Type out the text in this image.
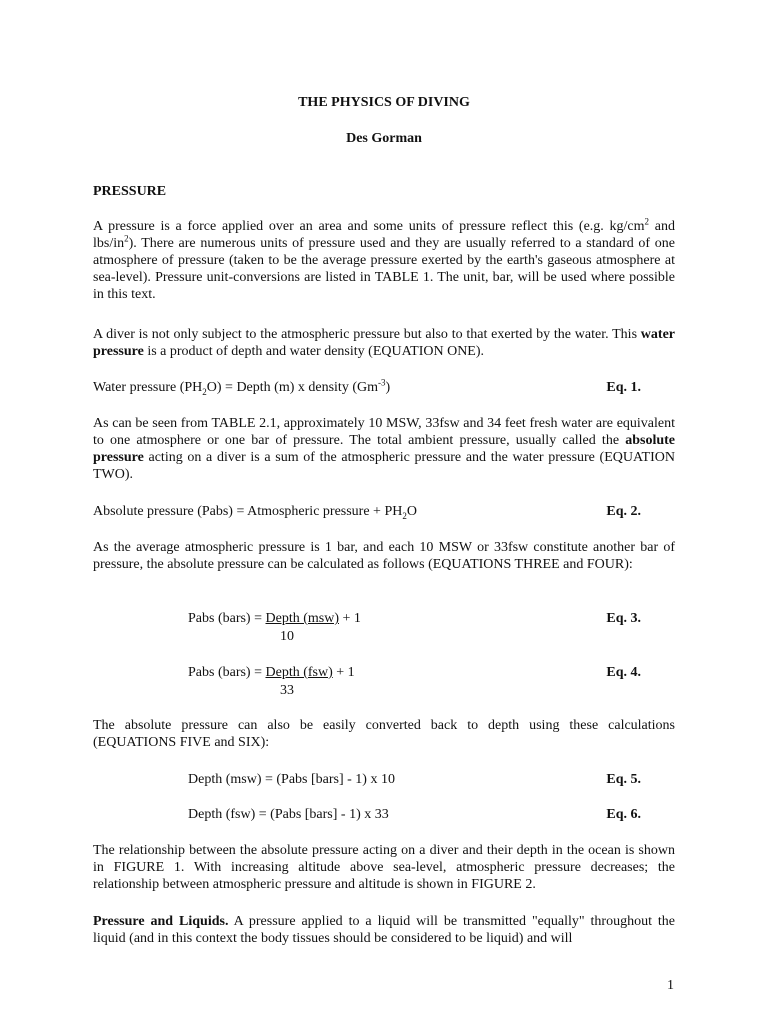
THE PHYSICS OF DIVING
Des Gorman
PRESSURE
A pressure is a force applied over an area and some units of pressure reflect this (e.g. $kg/cm^2$ and lbs/$in^2$). There are numerous units of pressure used and they are usually referred to a standard of one atmosphere of pressure (taken to be the average pressure exerted by the earth's gaseous atmosphere at sea-level). Pressure unit-conversions are listed in TABLE 1. The unit, bar, will be used where possible in this text.
A diver is not only subject to the atmospheric pressure but also to that exerted by the water. This water pressure is a product of depth and water density (EQUATION ONE).
Water pressure $(PH_2O)$ = Depth (m) x density $(Gm^{-3})$	Eq. 1.
As can be seen from TABLE 2.1, approximately 10 MSW, 33fsw and 34 feet fresh water are equivalent to one atmosphere or one bar of pressure. The total ambient pressure, usually called the absolute pressure acting on a diver is a sum of the atmospheric pressure and the water pressure (EQUATION TWO).
Absolute pressure (Pabs) = Atmospheric pressure + $PH_2O$	Eq. 2.
As the average atmospheric pressure is 1 bar, and each 10 MSW or 33fsw constitute another bar of pressure, the absolute pressure can be calculated as follows (EQUATIONS THREE and FOUR):
Pabs (bars) = Depth (msw) + 1
10
Eq. 3.
Pabs (bars) = Depth (fsw) + 1
33
Eq. 4.
The absolute pressure can also be easily converted back to depth using these calculations (EQUATIONS FIVE and SIX):
Depth (msw) = (Pabs [bars] - 1) x 10	Eq. 5.
Depth (fsw) = (Pabs [bars] - 1) x 33	Eq. 6.
The relationship between the absolute pressure acting on a diver and their depth in the ocean is shown in FIGURE 1. With increasing altitude above sea-level, atmospheric pressure decreases; the relationship between atmospheric pressure and altitude is shown in FIGURE 2.
Pressure and Liquids. A pressure applied to a liquid will be transmitted "equally" throughout the liquid (and in this context the body tissues should be considered to be liquid) and will
1
